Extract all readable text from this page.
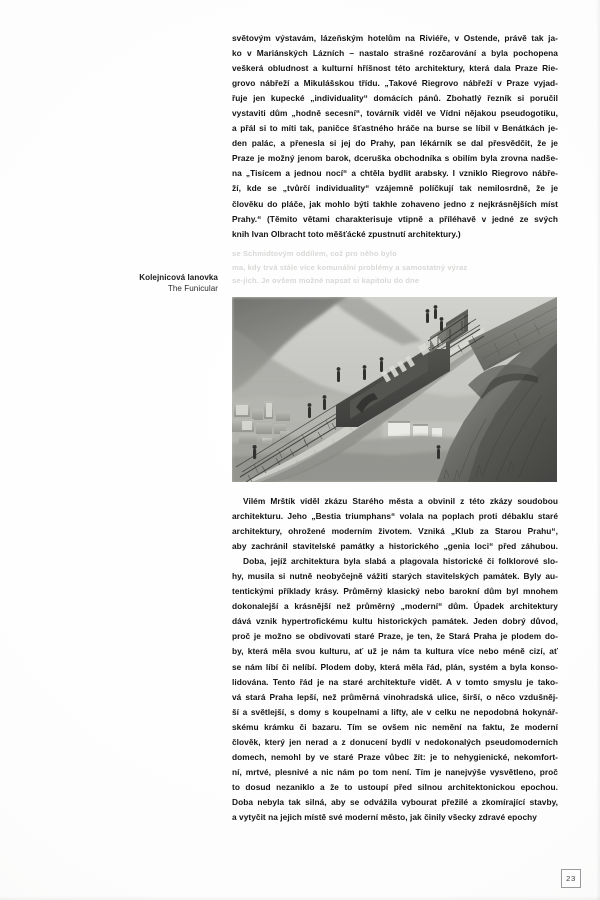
se Schmidtovým oddílem, což pro něho bylo
ma, kdy trvá stále více komunální problémy a samostatný výraz
se-jich. Je ovšem možné napsat si kapitolu do dne
světovým výstavám, lázeňským hotelům na Riviéře, v Ostende, právě tak ja-
ko v Mariánských Lázních – nastalo strašné rozčarování a byla pochopena
veškerá obludnost a kulturní hříšnost této architektury, která dala Praze Rie-
grovo nábřeží a Mikulášskou třídu. „Takové Riegrovo nábřeží v Praze vyjad-
řuje jen kupecké „individuality“ domácích pánů. Zbohatlý řezník si poručil
vystaviti dům „hodně secesní“, továrník viděl ve Vídni nějakou pseudogotiku,
a přál si to míti tak, paničce šťastného hráče na burse se líbil v Benátkách je-
den palác, a přenesla si jej do Prahy, pan lékárník se dal přesvědčit, že je
Praze je možný jenom barok, dceruška obchodníka s obilím byla zrovna nadše-
na „Tisícem a jednou nocí“ a chtěla bydlit arabsky. I vzniklo Riegrovo nábře-
ží, kde se „tvůrčí individuality“ vzájemně políčkují tak nemilosrdně, že je
člověku do pláče, jak mohlo býti takhle zohaveno jedno z nejkrásnějších míst
Prahy.“ (Těmito větami charakterisuje vtipně a příléhavě v jedné ze svých
knih Ivan Olbracht toto měšťácké zpustnutí architektury.)
Kolejnicová lanovka
The Funicular
Vilém Mrštík viděl zkázu Starého města a obvinil z této zkázy soudobou
architekturu. Jeho „Bestia triumphans“ volala na poplach proti débaklu staré
architektury, ohrožené moderním životem. Vzniká „Klub za Starou Prahu“,
aby zachránil stavitelské památky a historického „genia loci“ před záhubou.
Doba, jejíž architektura byla slabá a plagovala historické či folklorové slo-
hy, musila si nutně neobyčejně vážiti starých stavitelských památek. Byly au-
tentickými příklady krásy. Průměrný klasický nebo barokní dům byl mnohem
dokonalejší a krásnější než průměrný „moderní“ dům. Úpadek architektury
dává vznik hypertrofickému kultu historických památek. Jeden dobrý důvod,
proč je možno se obdivovati staré Praze, je ten, že Stará Praha je plodem do-
by, která měla svou kulturu, ať už je nám ta kultura více nebo méně cizí, ať
se nám líbí či nelíbí. Plodem doby, která měla řád, plán, systém a byla konso-
lidována. Tento řád je na staré architektuře vidět. A v tomto smyslu je tako-
vá stará Praha lepší, než průměrná vinohradská ulice, širší, o něco vzdušněj-
ší a světlejší, s domy s koupelnami a lifty, ale v celku ne nepodobná hokynář-
skému krámku či bazaru. Tím se ovšem nic nemění na faktu, že moderní
člověk, který jen nerad a z donucení bydlí v nedokonalých pseudomoderních
domech, nemohl by ve staré Praze vůbec žít: je to nehygienické, nekomfort-
ní, mrtvé, plesnivé a nic nám po tom není. Tím je nanejvýše vysvětleno, proč
to dosud nezaniklo a že to ustoupí před silnou architektonickou epochou.
Doba nebyla tak silná, aby se odvážila vybourat přežilé a zkomírající stavby,
a vytyčit na jejich místě své moderní město, jak činily všecky zdravé epochy
23
